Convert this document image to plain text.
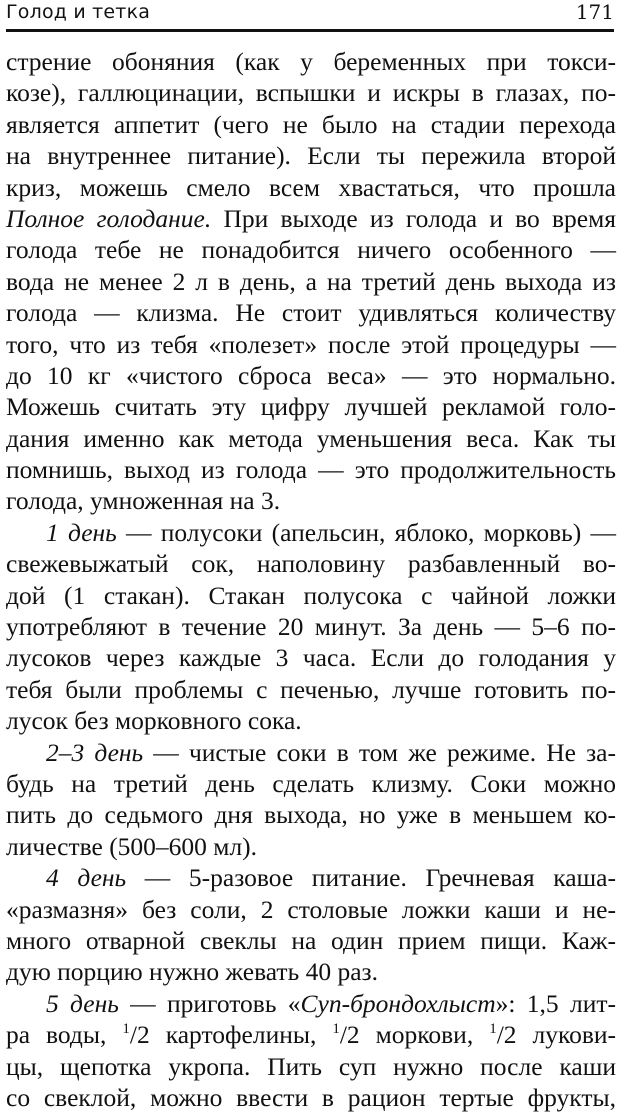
Голод и тетка	171
стрение обоняния (как у беременных при токси-
козе), галлюцинации, вспышки и искры в глазах, по-
является аппетит (чего не было на стадии перехода
на внутреннее питание). Если ты пережила второй
криз, можешь смело всем хвастаться, что прошла
Полное голодание. При выходе из голода и во время
голода тебе не понадобится ничего особенного —
вода не менее 2 л в день, а на третий день выхода из
голода — клизма. Не стоит удивляться количеству
того, что из тебя «полезет» после этой процедуры —
до 10 кг «чистого сброса веса» — это нормально.
Можешь считать эту цифру лучшей рекламой голо-
дания именно как метода уменьшения веса. Как ты
помнишь, выход из голода — это продолжительность
голода, умноженная на 3.
1 день — полусоки (апельсин, яблоко, морковь) —
свежевыжатый сок, наполовину разбавленный во-
дой (1 стакан). Стакан полусока с чайной ложки
употребляют в течение 20 минут. За день — 5–6 по-
лусоков через каждые 3 часа. Если до голодания у
тебя были проблемы с печенью, лучше готовить по-
лусок без морковного сока.
2–3 день — чистые соки в том же режиме. Не за-
будь на третий день сделать клизму. Соки можно
пить до седьмого дня выхода, но уже в меньшем ко-
личестве (500–600 мл).
4 день — 5-разовое питание. Гречневая каша-
«размазня» без соли, 2 столовые ложки каши и не-
много отварной свеклы на один прием пищи. Каж-
дую порцию нужно жевать 40 раз.
5 день — приготовь «Суп-брондохлыст»: 1,5 лит-
ра воды, $^1$/2 картофелины, $^1$/2 моркови, $^1$/2 лукови-
цы, щепотка укропа. Пить суп нужно после каши
со свеклой, можно ввести в рацион тертые фрукты,
